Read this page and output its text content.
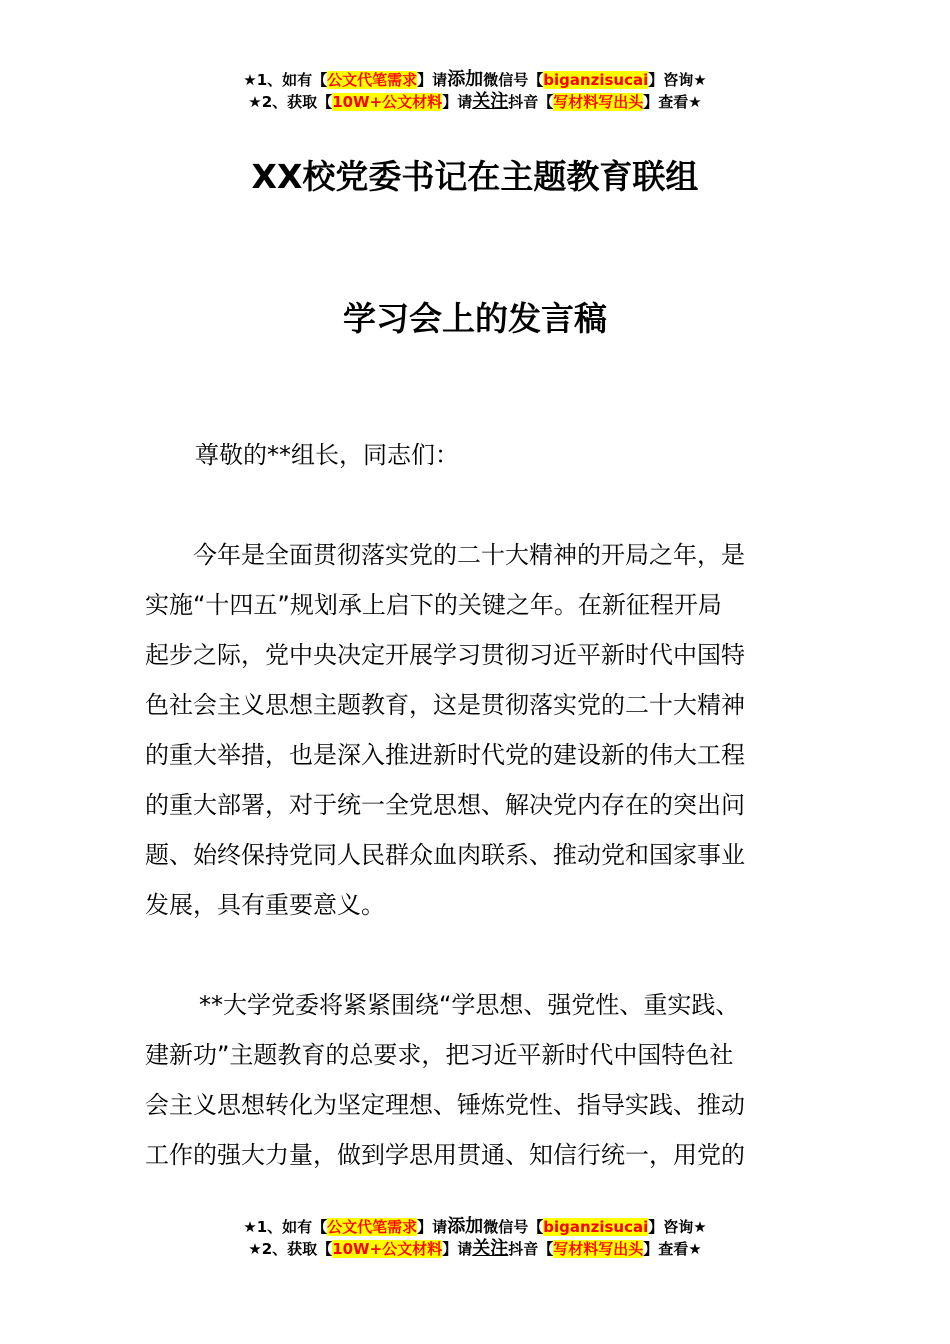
★1、如有【公文代笔需求】请添加微信号【biganzisucai】咨询★
★2、获取【10W+公文材料】请关注抖音【写材料写出头】查看★
XX校党委书记在主题教育联组
学习会上的发言稿
尊敬的**组长，同志们：
今年是全面贯彻落实党的二十大精神的开局之年，是
实施“十四五”规划承上启下的关键之年。在新征程开局
起步之际，党中央决定开展学习贯彻习近平新时代中国特
色社会主义思想主题教育，这是贯彻落实党的二十大精神
的重大举措，也是深入推进新时代党的建设新的伟大工程
的重大部署，对于统一全党思想、解决党内存在的突出问
题、始终保持党同人民群众血肉联系、推动党和国家事业
发展，具有重要意义。
**大学党委将紧紧围绕“学思想、强党性、重实践、
建新功”主题教育的总要求，把习近平新时代中国特色社
会主义思想转化为坚定理想、锤炼党性、指导实践、推动
工作的强大力量，做到学思用贯通、知信行统一，用党的
★1、如有【公文代笔需求】请添加微信号【biganzisucai】咨询★
★2、获取【10W+公文材料】请关注抖音【写材料写出头】查看★
